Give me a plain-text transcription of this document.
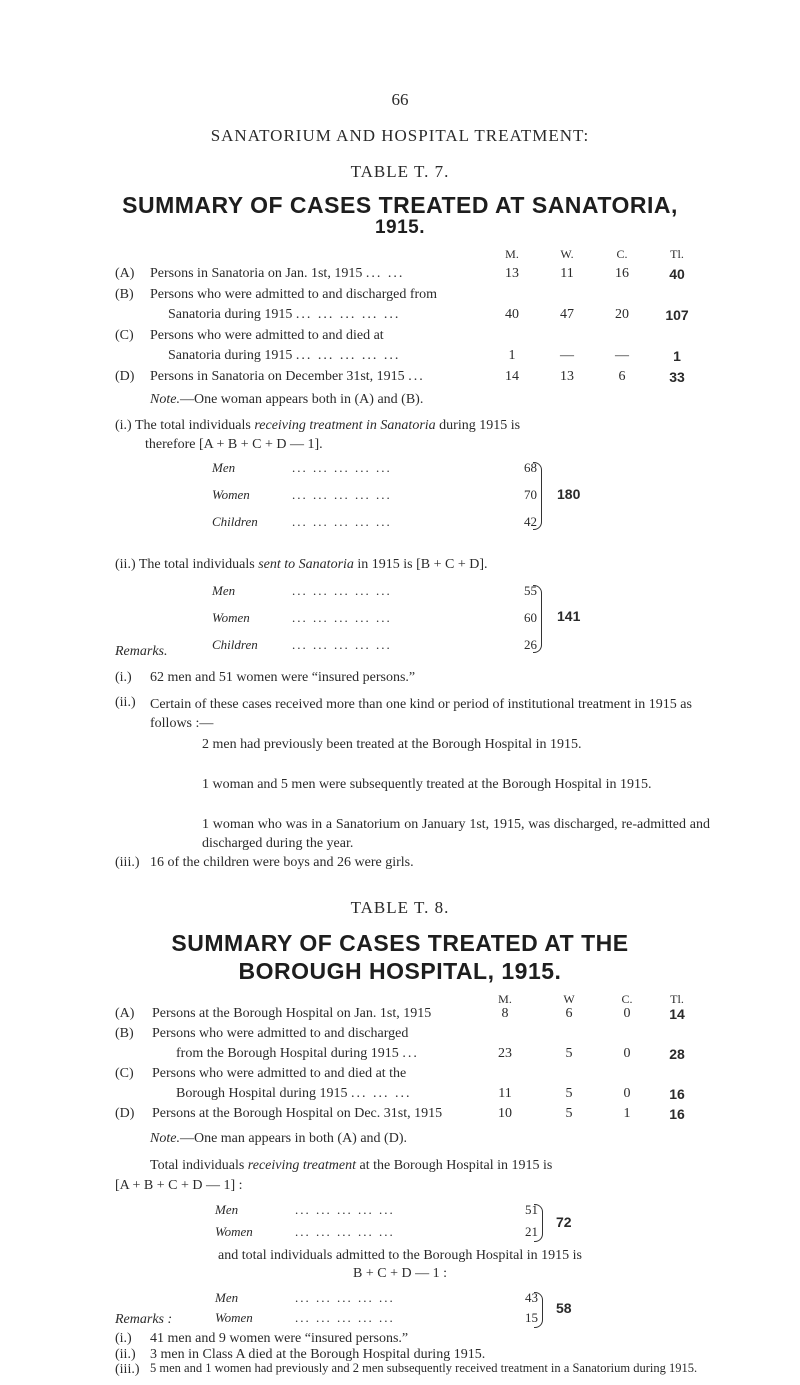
66
SANATORIUM AND HOSPITAL TREATMENT:
TABLE T. 7.
SUMMARY OF CASES TREATED AT SANATORIA,
1915.
M.	W.	C.	Tl.
(A) Persons in Sanatoria on Jan. 1st, 1915 ... ...	13	11	16	40
(B) Persons who were admitted to and discharged from
Sanatoria during 1915 ... ... ... ... ...	40	47	20	107
(C) Persons who were admitted to and died at
Sanatoria during 1915 ... ... ... ... ...	1	—	—	1
(D) Persons in Sanatoria on December 31st, 1915 ...	14	13	6	33
Note.—One woman appears both in (A) and (B).
(i.) The total individuals receiving treatment in Sanatoria during 1915 is
therefore [A + B + C + D — 1].
Men	... ... ... ... ...	68
Women	... ... ... ... ...	70
Children	... ... ... ... ...	42
180
(ii.) The total individuals sent to Sanatoria in 1915 is [B + C + D].
Men	... ... ... ... ...	55
Women	... ... ... ... ...	60
Children	... ... ... ... ...	26
141
Remarks.
(i.) 62 men and 51 women were “insured persons.”
(ii.) Certain of these cases received more than one kind or period of institutional treatment in 1915 as follows :—
2 men had previously been treated at the Borough Hospital in 1915.
1 woman and 5 men were subsequently treated at the Borough Hospital in 1915.
1 woman who was in a Sanatorium on January 1st, 1915, was discharged, re-admitted and discharged during the year.
(iii.) 16 of the children were boys and 26 were girls.
TABLE T. 8.
SUMMARY OF CASES TREATED AT THE
BOROUGH HOSPITAL, 1915.
M.	W	C.	Tl.
(A) Persons at the Borough Hospital on Jan. 1st, 1915	8	6	0	14
(B) Persons who were admitted to and discharged
from the Borough Hospital during 1915 ...	23	5	0	28
(C) Persons who were admitted to and died at the
Borough Hospital during 1915 ... ... ...	11	5	0	16
(D) Persons at the Borough Hospital on Dec. 31st, 1915	10	5	1	16
Note.—One man appears in both (A) and (D).
Total individuals receiving treatment at the Borough Hospital in 1915 is
[A + B + C + D — 1] :
Men	... ... ... ... ...	51
Women	... ... ... ... ...	21
72
and total individuals admitted to the Borough Hospital in 1915 is
B + C + D — 1 :
Men	... ... ... ... ...	43
Women	... ... ... ... ...	15
58
Remarks :
(i.) 41 men and 9 women were “insured persons.”
(ii.) 3 men in Class A died at the Borough Hospital during 1915.
(iii.) 5 men and 1 women had previously and 2 men subsequently received treatment in a Sanatorium during 1915.
